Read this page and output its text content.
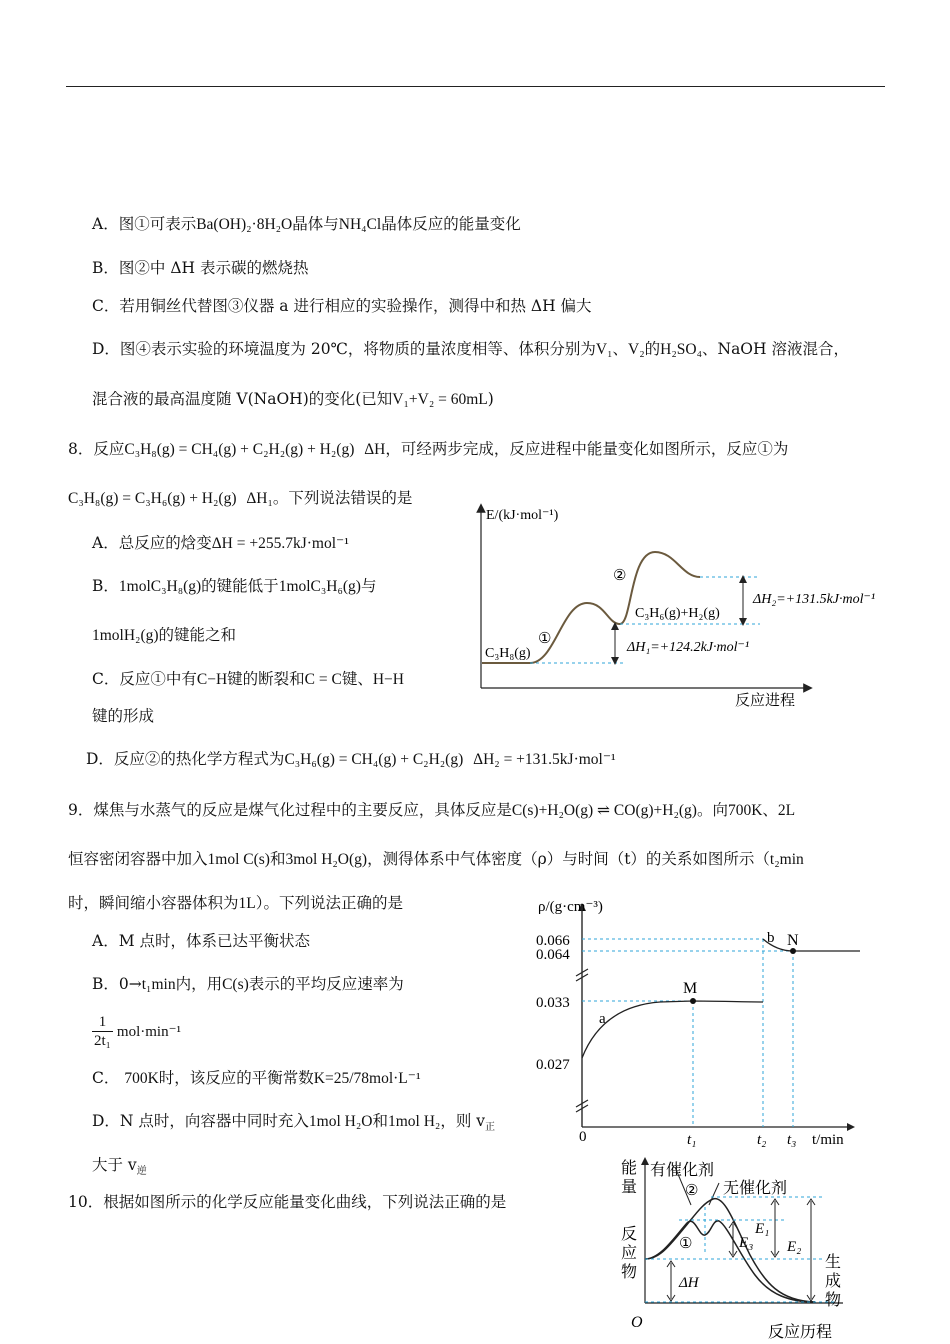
A．图①可表示Ba(OH)₂·8H₂O晶体与NH₄Cl晶体反应的能量变化
B．图②中 ΔH 表示碳的燃烧热
C．若用铜丝代替图③仪器 a 进行相应的实验操作，测得中和热 ΔH 偏大
D．图④表示实验的环境温度为 20℃，将物质的量浓度相等、体积分别为V₁、V₂的H₂SO₄、NaOH 溶液混合，
混合液的最高温度随 V(NaOH)的变化(已知V₁+V₂ = 60mL)
8．反应C₃H₈(g) = CH₄(g) + C₂H₂(g) + H₂(g) ΔH，可经两步完成，反应进程中能量变化如图所示，反应①为
C₃H₈(g) = C₃H₆(g) + H₂(g) ΔH₁。下列说法错误的是
A．总反应的焓变ΔH = +255.7kJ·mol⁻¹
B．1molC₃H₈(g)的键能低于1molC₃H₆(g)与
1molH₂(g)的键能之和
C．反应①中有C−H键的断裂和C = C键、H−H
键的形成
D．反应②的热化学方程式为C₃H₆(g) = CH₄(g) + C₂H₂(g) ΔH₂ = +131.5kJ·mol⁻¹
E/(kJ·mol⁻¹)
反应进程
C₃H₈(g)
①
②
C₃H₆(g)+H₂(g)
ΔH₁=+124.2kJ·mol⁻¹
ΔH₂=+131.5kJ·mol⁻¹
9．煤焦与水蒸气的反应是煤气化过程中的主要反应，具体反应是C(s)+H₂O(g) ⇌ CO(g)+H₂(g)。向700K、2L
恒容密闭容器中加入1mol C(s)和3mol H₂O(g)，测得体系中气体密度（ρ）与时间（t）的关系如图所示（t₂min
时，瞬间缩小容器体积为1L）。下列说法正确的是
A．M 点时，体系已达平衡状态
B．0→t₁min内，用C(s)表示的平均反应速率为
1
2t₁
mol·min⁻¹
C． 700K时，该反应的平衡常数K=25/78mol·L⁻¹
D．N 点时，向容器中同时充入1mol H₂O和1mol H₂，则 $v_正$
大于 $v_逆$
ρ/(g·cm⁻³)
t/min
0
0.066
0.064
0.033
0.027
M
N
a
b
t₁	t₂ t₃
10．根据如图所示的化学反应能量变化曲线，下列说法正确的是
能
量
有催化剂
无催化剂
②
①
反
应
物
生
成
物
O
反应历程
ΔH
E₃
E₁
E₂
